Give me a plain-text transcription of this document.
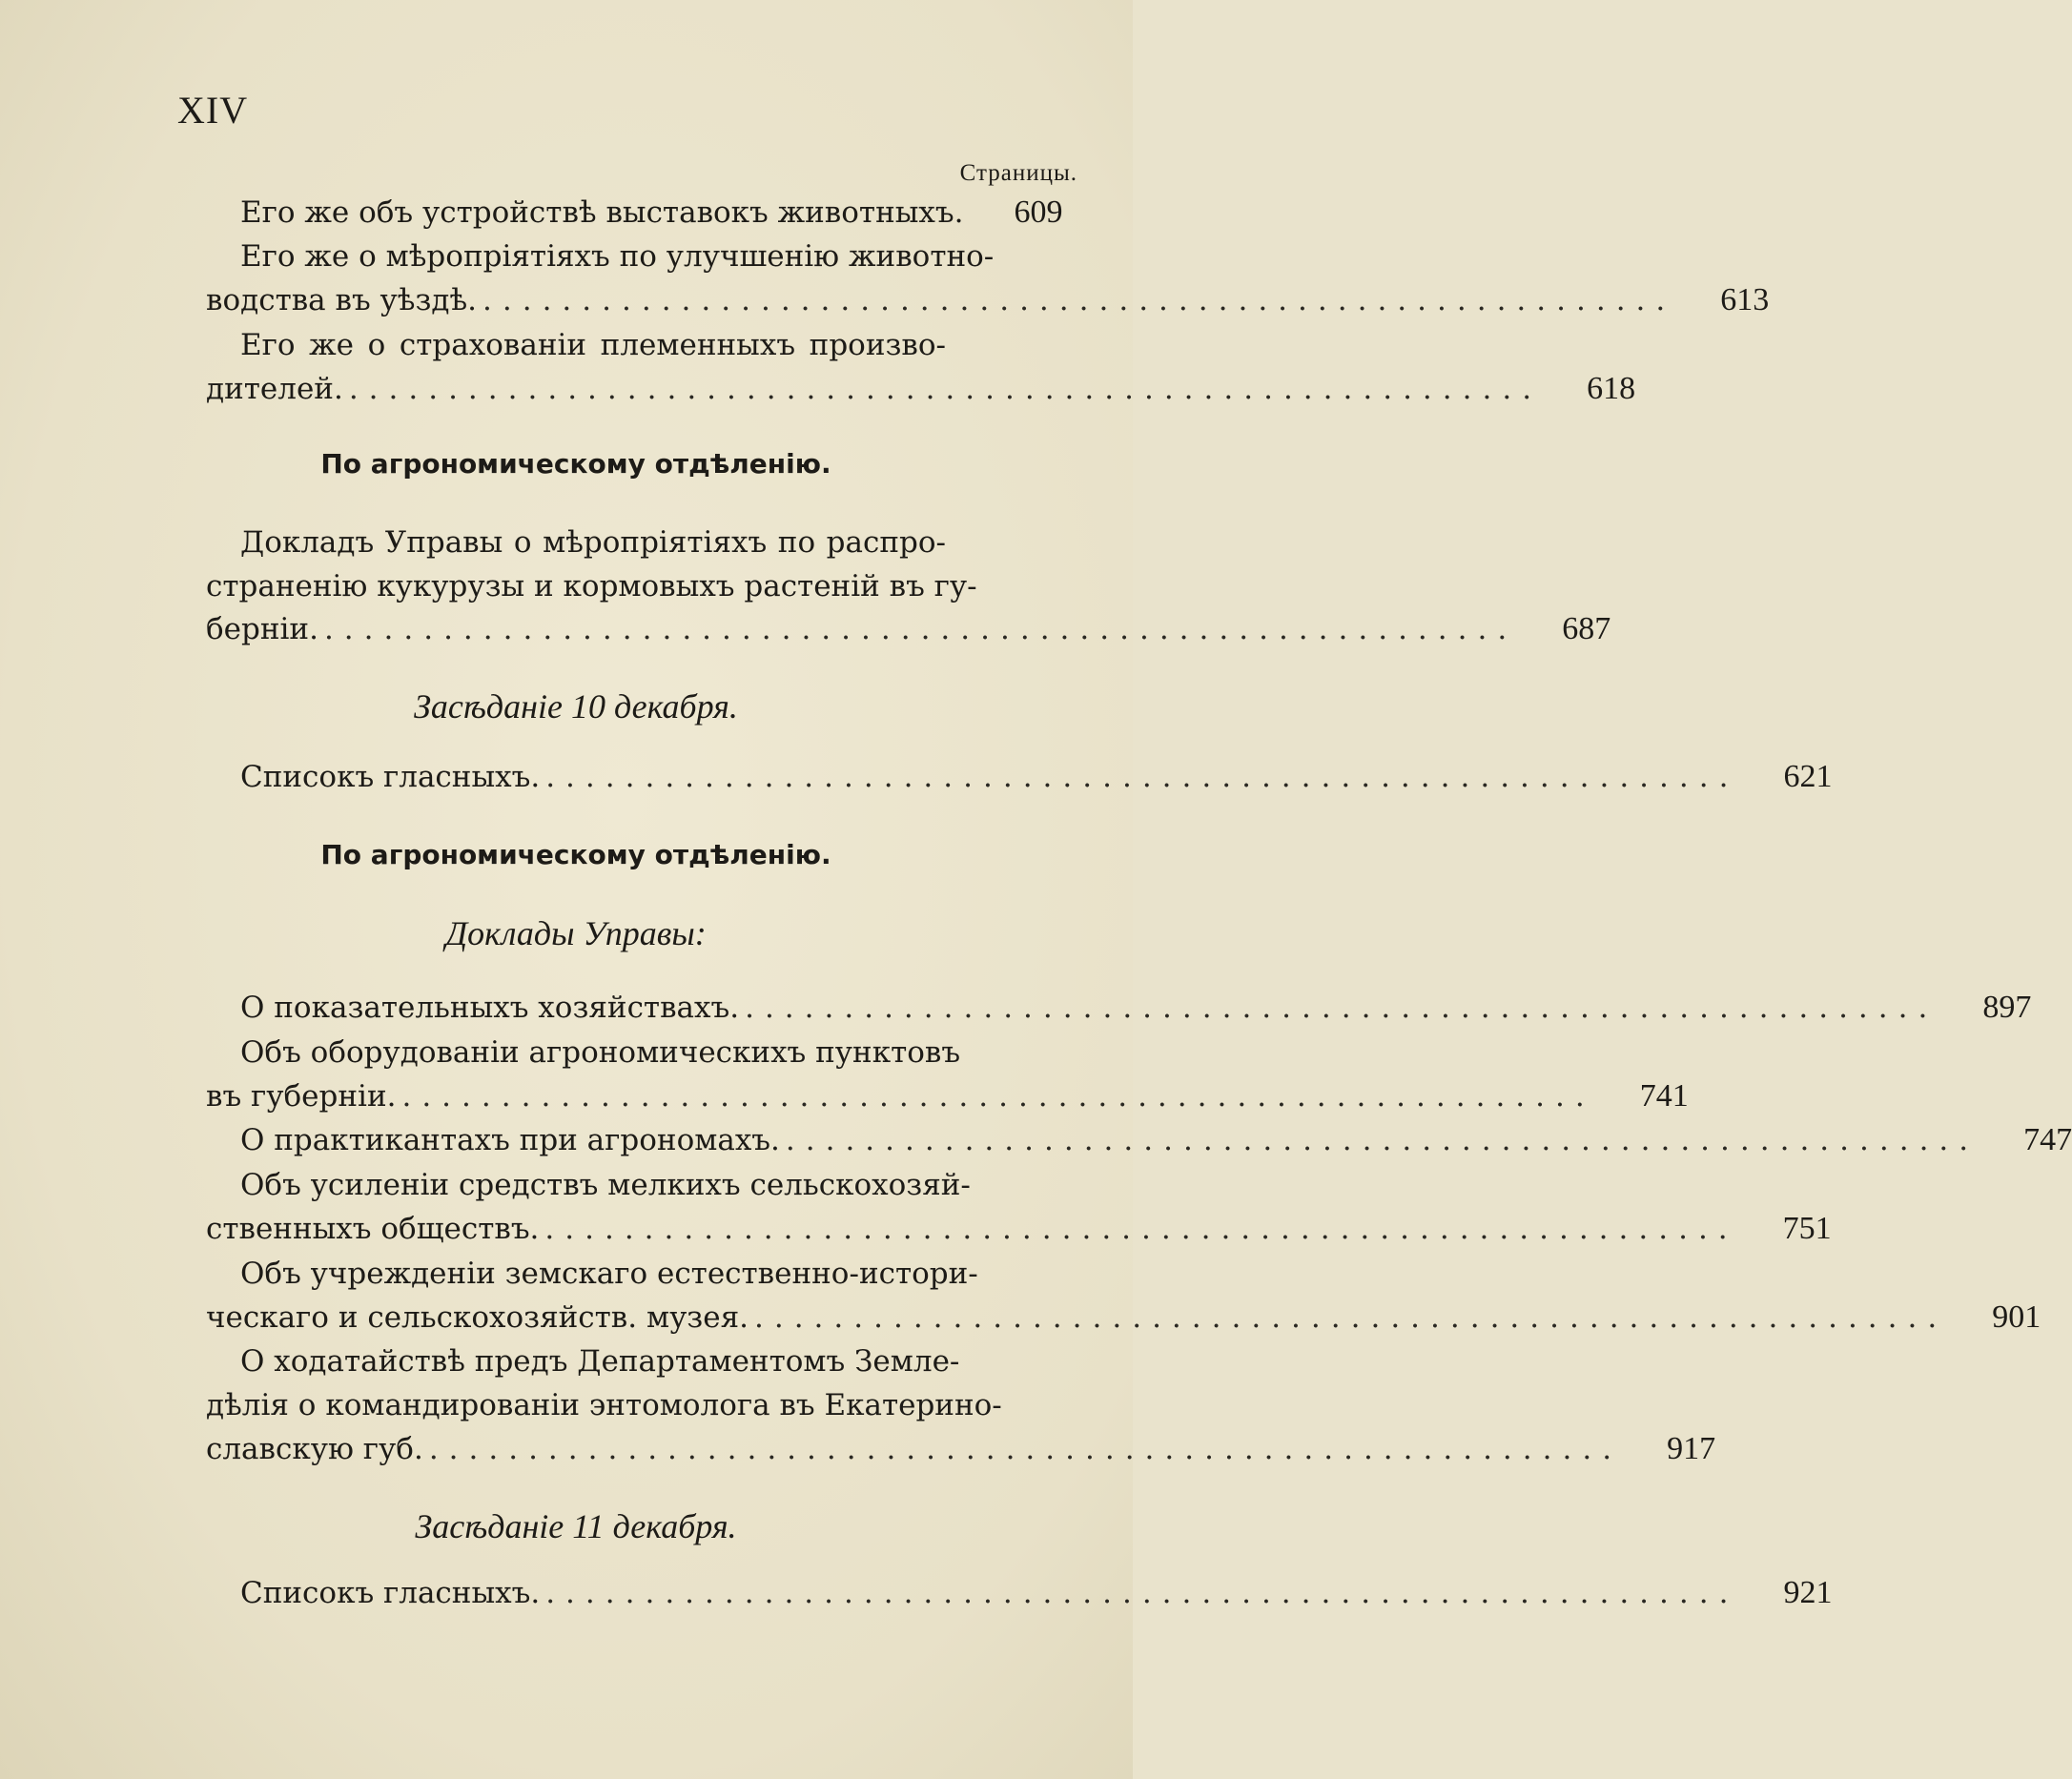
XIV
Страницы.
Его же объ устройствѣ выставокъ животныхъ.	609
Его же о мѣропріятіяхъ по улучшенію животно-
водства въ уѣздѣ. ............................................................	613
Его же о страхованіи племенныхъ произво-
дителей. ............................................................	618
По агрономическому отдѣленію.
Докладъ Управы о мѣропріятіяхъ по распро-
страненію кукурузы и кормовыхъ растеній въ гу-
берніи. ............................................................	687
Засѣданіе 10 декабря.
Списокъ гласныхъ. ............................................................	621
По агрономическому отдѣленію.
Доклады Управы:
О показательныхъ хозяйствахъ. ............................................................	897
Объ оборудованіи агрономическихъ пунктовъ
въ губерніи. ............................................................	741
О практикантахъ при агрономахъ. ............................................................	747
Объ усиленіи средствъ мелкихъ сельскохозяй-
ственныхъ обществъ. ............................................................	751
Объ учрежденіи земскаго естественно-истори-
ческаго и сельскохозяйств. музея. ............................................................	901
О ходатайствѣ предъ Департаментомъ Земле-
дѣлія о командированіи энтомолога въ Екатерино-
славскую губ. ............................................................	917
Засѣданіе 11 декабря.
Списокъ гласныхъ. ............................................................	921
